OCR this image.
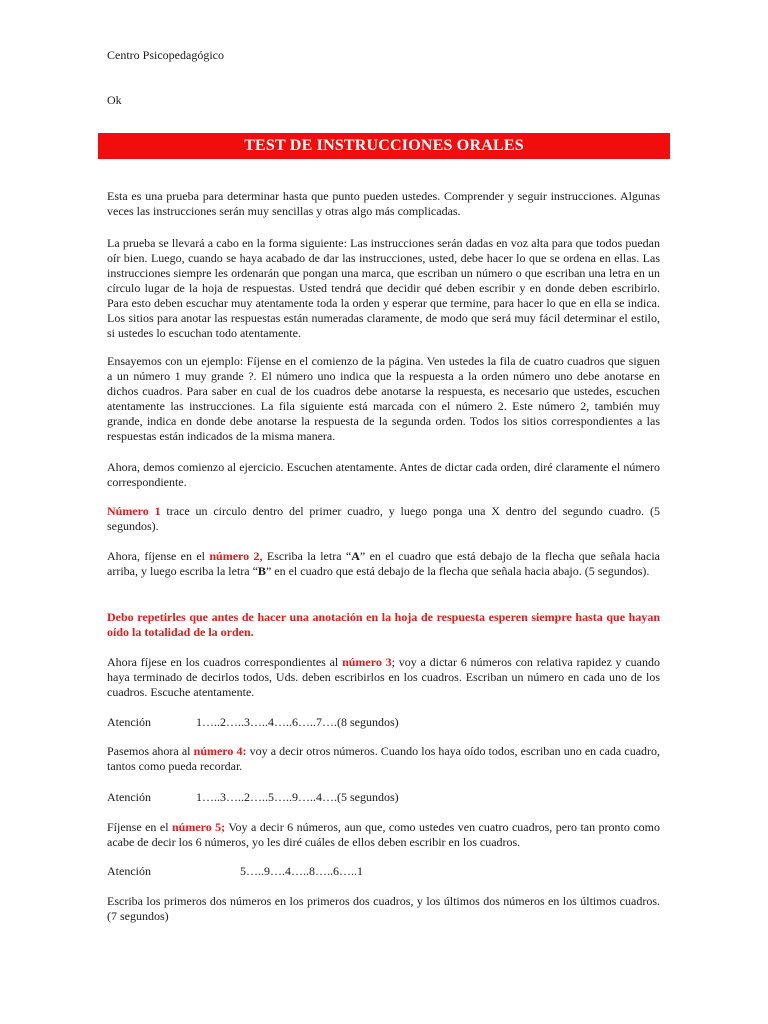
Centro Psicopedagógico
Ok
TEST DE INSTRUCCIONES ORALES

Esta es una prueba para determinar hasta que punto pueden ustedes. Comprender y seguir instrucciones. Algunas veces las instrucciones serán muy sencillas y otras algo más complicadas.

La prueba se llevará a cabo en la forma siguiente: Las instrucciones serán dadas en voz alta para que todos puedan oír bien. Luego, cuando se haya acabado de dar las instrucciones, usted, debe hacer lo que se ordena en ellas. Las instrucciones siempre les ordenarán que pongan una marca, que escriban un número o que escriban una letra en un círculo lugar de la hoja de respuestas. Usted tendrá que decidir qué deben escribir y en donde deben escribirlo. Para esto deben escuchar muy atentamente toda la orden y esperar que termine, para hacer lo que en ella se indica. Los sitios para anotar las respuestas están numeradas claramente, de modo que será muy fácil determinar el estilo, si ustedes lo escuchan todo atentamente.

Ensayemos con un ejemplo: Fíjense en el comienzo de la página. Ven ustedes la fila de cuatro cuadros que siguen a un número 1 muy grande ?. El número uno indica que la respuesta a la orden número uno debe anotarse en dichos cuadros. Para saber en cual de los cuadros debe anotarse la respuesta, es necesario que ustedes, escuchen atentamente las instrucciones. La fila siguiente está marcada con el número 2. Este número 2, también muy grande, indica en donde debe anotarse la respuesta de la segunda orden. Todos los sitios correspondientes a las respuestas están indicados de la misma manera.

Ahora, demos comienzo al ejercicio. Escuchen atentamente. Antes de dictar cada orden, diré claramente el número correspondiente.

Número 1 trace un circulo dentro del primer cuadro, y luego ponga una X dentro del segundo cuadro. (5 segundos).

Ahora, fíjense en el número 2, Escriba la letra “A” en el cuadro que está debajo de la flecha que señala hacia arriba, y luego escriba la letra “B” en el cuadro que está debajo de la flecha que señala hacia abajo. (5 segundos).

Debo repetirles que antes de hacer una anotación en la hoja de respuesta esperen siempre hasta que hayan oído la totalidad de la orden.

Ahora fíjese en los cuadros correspondientes al número 3; voy a dictar 6 números con relativa rapidez y cuando haya terminado de decirlos todos, Uds. deben escribirlos en los cuadros. Escriban un número en cada uno de los cuadros. Escuche atentamente.

Atención	1…..2…..3…..4…..6…..7….(8 segundos)

Pasemos ahora al número 4: voy a decir otros números. Cuando los haya oído todos, escriban uno en cada cuadro, tantos como pueda recordar.

Atención	1…..3…..2…..5…..9…..4….(5 segundos)

Fíjense en el número 5; Voy a decir 6 números, aun que, como ustedes ven cuatro cuadros, pero tan pronto como acabe de decir los 6 números, yo les diré cuáles de ellos deben escribir en los cuadros.

Atención	5…..9….4…..8…..6…..1

Escriba los primeros dos números en los primeros dos cuadros, y los últimos dos números en los últimos cuadros. (7 segundos)
